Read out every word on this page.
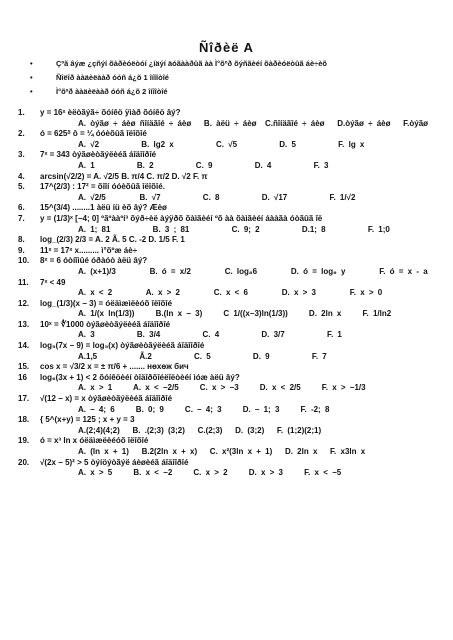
Ñîðèë A
•	Çºã âýæ ¿çñýí õàðèóëòóí ¿íäýí äóãààðûã àà Ì°õºð õýñãèéí õàðèóëòûã áè÷èõ
•	Ñîëîð ààäèëààð óóñ á¿õ 1 îíîîòîé
•	Ì°õºð ààäèëààð óóñ á¿õ 2 îíîîòîé
1. y = 16ˣ èëòãýã÷ õóíêö ÿìàð õóíêö âý?
A. òýãø ÷ áèø ñîíäãîé ÷ áèø   B. àëü ÷ áèø  C.ñîíäãîé ÷ áèø   D.òýãø ÷ áèø   F.òýãø
2. ó = 625ᵟ ô = ¼ óóèõûã îëîõîé
A. √2          B. lg2 x          C. √5          D. 5          F. lg x
3. 7ˣ = 343 òýãøèòãýëèéã áîäîîðîé
A. 1          B. 2          C. 9          D. 4          F. 3
4. arcsin(√2/2) = A. √2/5 B. π/4 C. π/2 D. √2 F. π
5. 17^(2/3) : 17² = õîîí óóèõûã îëîõîé.
A. √2/5        B. √7          C. 8          D. √17          F. 1/√2
6. 15^(3/4) ........1 àëü íü èõ âý? Æèø
7. y = (1/3)ˣ [−4; 0] ºãºààºí³ õýð÷èë àýÿðõ õàìãèéí ºõ àà õàìãèéí áààãà óòãûã îë
A. 1; 81          B. 3 ; 81          C. 9; 2          D.1; 8          F. 1;0
8. log_(2/3) 2/3 = A. 2 Ã. 5 C. -2 D. 1/5 F. 1
9. 11ˣ = 17ˣ x......... ì°õºæ áè÷
10. 8ˣ = 6 óòíîìûé óðàóò àëü âý?
A. (x+1)/3        B. ó = x/2        C. log₈6        D. ó = log₆ y        F. ó = x - a
11. 7ˣ < 49
A. x < 2        A. x > 2        C. x < 6        D. x > 3        F. x > 0
12. log_(1/3)(x − 3) = óëäìæìëèóõ îëîõîé
A. 1/(x ln(1/3))     B.(ln x − 3)     C 1/((x−3)ln(1/3))     D. 2ln x     F. 1/ln2
13. 10ˣ = ∜1000 òýãøèòãýëèéã áîäîîðîé
A. 3          B. 3/4          C. 4          D. 3/7          F. 1
14. log₅(7x − 9) = log₅(x) òýãøèòãýëèéã áîäîîðîé
A.1,5          Ã.2          C. 5          D. 9          F. 7
15. cos x = √3/2 x = ± π/6 + ....... нөхөж бич
16 log₆(3x + 1) < 2 õóíêöèéí òîäîðõîéëîëòèéí ìóæ àëü âý?
A. x > 1     A. x < −2/5     C. x > −3     D. x < 2/5     F. x > −1/3
17. √(12 − x) = x òýãøèòãýëèéã áîäîîðîé
A. – 4; 6     B. 0; 9     C. – 4; 3     D. – 1; 3     F. -2; 8
18. { 5^(x+y) = 125 ; x + y = 3
A.(2;4)(4;2)   B. .(2;3) (3;2)   C.(2;3)   D. (3;2)   F. (1;2)(2;1)
19. ó = x³ ln x óëäìæëèéóõ îëîõîé
A. (ln x + 1)   B.2(2ln x + x)   C. x²(3ln x + 1)   D. 2ln x   F. x3ln x
20. √(2x − 5)² > 5 òýíöýòãýë áèøèéã áîäîîðîé
A. x > 5     B. x < −2     C. x > 2     D. x > 3     F. x < −5
